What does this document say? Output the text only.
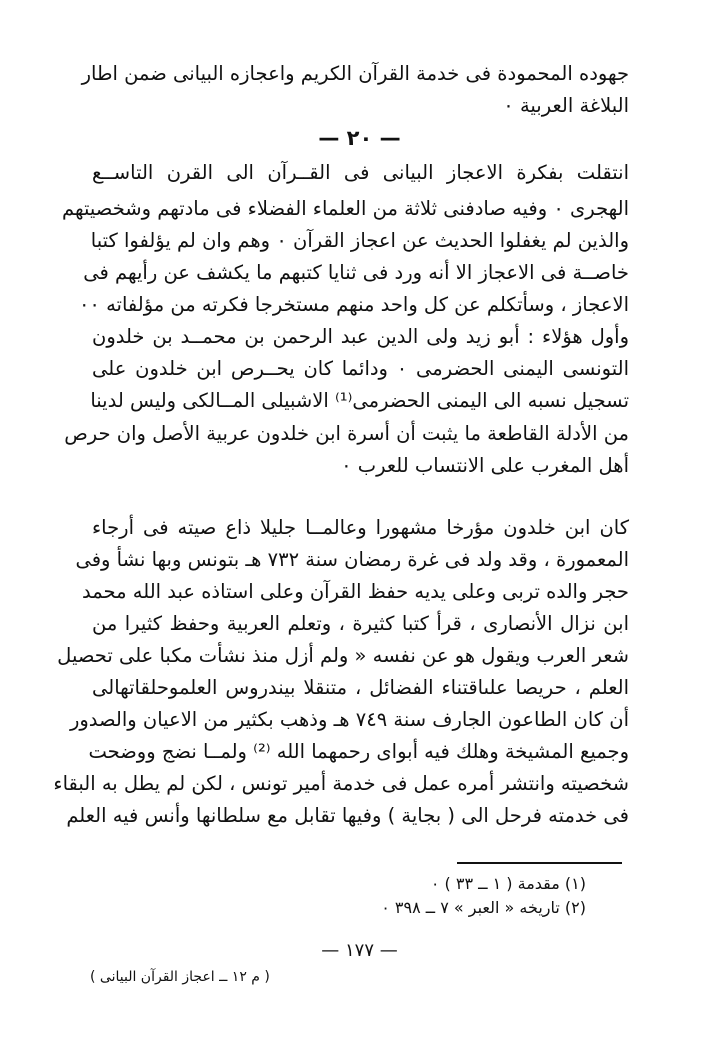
جهوده المحمودة فى خدمة القرآن الكريم واعجازه البيانى ضمن اطار
البلاغة العربية ٠
— ٢٠ —
انتقلت بفكرة الاعجاز البيانى فى القــرآن الى القرن التاســع
الهجرى ٠ وفيه صادفنى ثلاثة من العلماء الفضلاء فى مادتهم وشخصيتهم
والذين لم يغفلوا الحديث عن اعجاز القرآن ٠ وهم وان لم يؤلفوا كتبا
خاصــة فى الاعجاز الا أنه ورد فى ثنايا كتبهم ما يكشف عن رأيهم فى
الاعجاز ، وسأتكلم عن كل واحد منهم مستخرجا فكرته من مؤلفاته ٠٠
وأول هؤلاء : أبو زيد ولى الدين عبد الرحمن بن محمــد بن خلدون
التونسى اليمنى الحضرمى ٠ ودائما كان يحــرص ابن خلدون على
تسجيل نسبه الى اليمنى الحضرمى⁽¹⁾ الاشبيلى المــالكى وليس لدينا
من الأدلة القاطعة ما يثبت أن أسرة ابن خلدون عربية الأصل وان حرص
أهل المغرب على الانتساب للعرب ٠
كان ابن خلدون مؤرخا مشهورا وعالمــا جليلا ذاع صيته فى أرجاء
المعمورة ، وقد ولد فى غرة رمضان سنة ٧٣٢ هـ بتونس وبها نشأ وفى
حجر والده تربى وعلى يديه حفظ القرآن وعلى استاذه عبد الله محمد
ابن نزال الأنصارى ، قرأ كتبا كثيرة ، وتعلم العربية وحفظ كثيرا من
شعر العرب ويقول هو عن نفسه « ولم أزل منذ نشأت مكبا على تحصيل
العلم ، حريصا علىاقتناء الفضائل ، متنقلا بيندروس العلموحلقاتهالى
أن كان الطاعون الجارف سنة ٧٤٩ هـ وذهب بكثير من الاعيان والصدور
وجميع المشيخة وهلك فيه أبواى رحمهما الله ⁽²⁾ ولمــا نضج ووضحت
شخصيته وانتشر أمره عمل فى خدمة أمير تونس ، لكن لم يطل به البقاء
فى خدمته فرحل الى ( بجاية ) وفيها تقابل مع سلطانها وأنس فيه العلم
(١) مقدمة ( ١ ــ ٣٣ ) ٠
(٢) تاريخه « العبر » ٧ ــ ٣٩٨ ٠
— ١٧٧ —
( م ١٢ ــ اعجاز القرآن البيانى )
